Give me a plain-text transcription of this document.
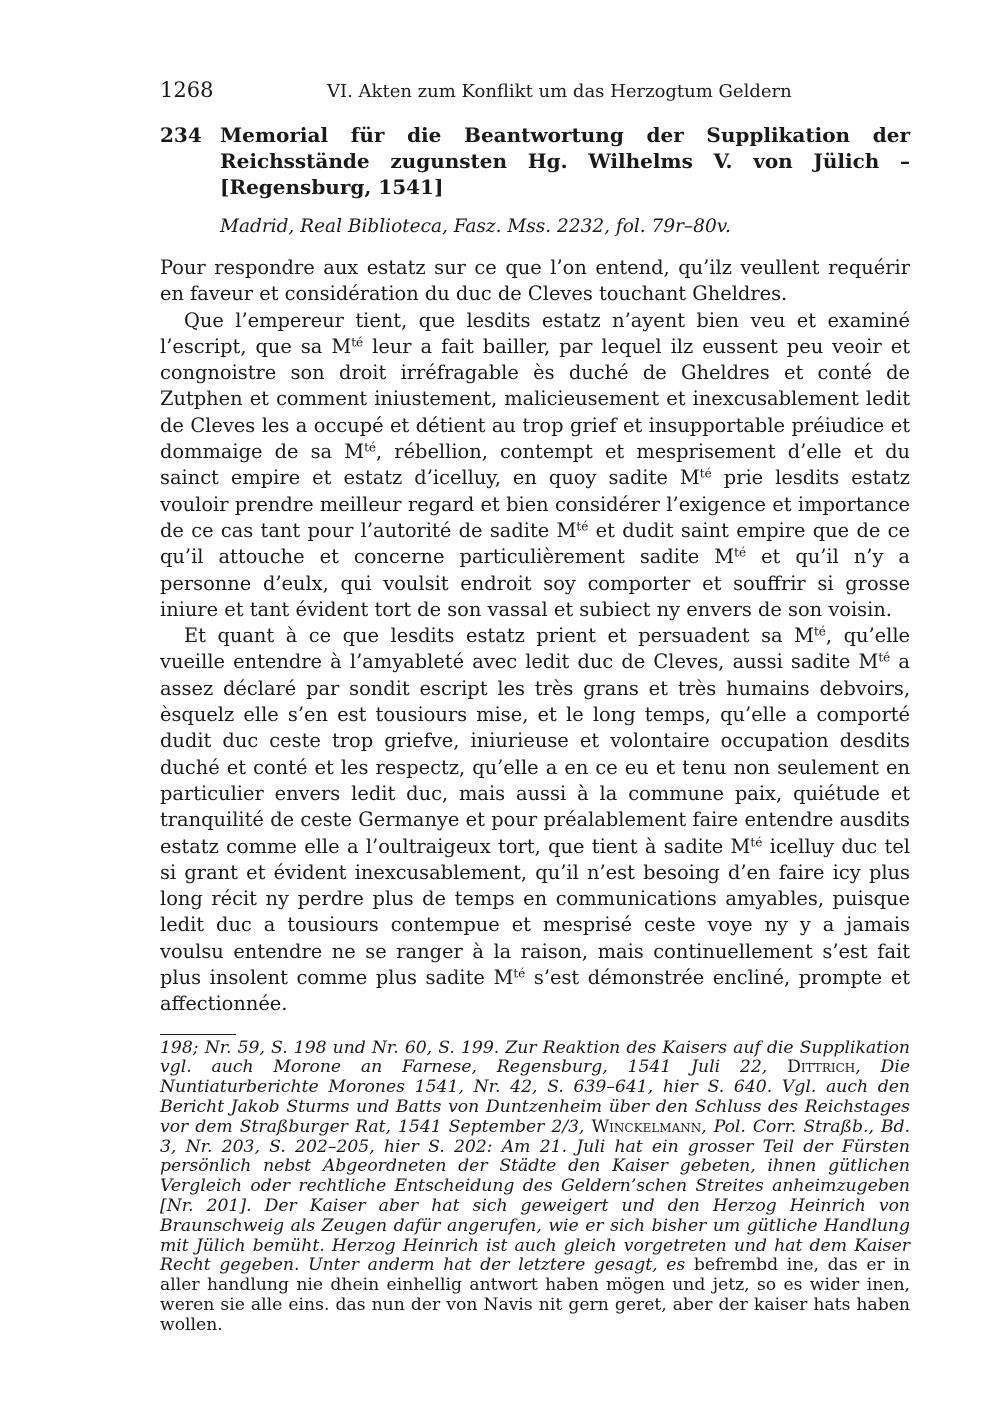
1268	VI. Akten zum Konflikt um das Herzogtum Geldern
234 Memorial für die Beantwortung der Supplikation der Reichsstände zugunsten Hg. Wilhelms V. von Jülich – [Regensburg, 1541]
Madrid, Real Biblioteca, Fasz. Mss. 2232, fol. 79r–80v.

Pour respondre aux estatz sur ce que l’on entend, qu’ilz veullent requérir en faveur et considération du duc de Cleves touchant Gheldres.

Que l’empereur tient, que lesdits estatz n’ayent bien veu et examiné l’escript, que sa $M^{té}$ leur a fait bailler, par lequel ilz eussent peu veoir et congnoistre son droit irréfragable ès duché de Gheldres et conté de Zutphen et comment iniustement, malicieusement et inexcusablement ledit de Cleves les a occupé et détient au trop grief et insupportable préiudice et dommaige de sa $M^{té}$, rébellion, contempt et mesprisement d’elle et du sainct empire et estatz d’icelluy, en quoy sadite $M^{té}$ prie lesdits estatz vouloir prendre meilleur regard et bien considérer l’exigence et importance de ce cas tant pour l’autorité de sadite $M^{té}$ et dudit saint empire que de ce qu’il attouche et concerne particulièrement sadite $M^{té}$ et qu’il n’y a personne d’eulx, qui voulsit endroit soy comporter et souffrir si grosse iniure et tant évident tort de son vassal et subiect ny envers de son voisin.

Et quant à ce que lesdits estatz prient et persuadent sa $M^{té}$, qu’elle vueille entendre à l’amyableté avec ledit duc de Cleves, aussi sadite $M^{té}$ a assez déclaré par sondit escript les très grans et très humains debvoirs, èsquelz elle s’en est tousiours mise, et le long temps, qu’elle a comporté dudit duc ceste trop griefve, iniurieuse et volontaire occupation desdits duché et conté et les respectz, qu’elle a en ce eu et tenu non seulement en particulier envers ledit duc, mais aussi à la commune paix, quiétude et tranquilité de ceste Germanye et pour préalablement faire entendre ausdits estatz comme elle a l’oultraigeux tort, que tient à sadite $M^{té}$ icelluy duc tel si grant et évident inexcusablement, qu’il n’est besoing d’en faire icy plus long récit ny perdre plus de temps en communications amyables, puisque ledit duc a tousiours contempue et mesprisé ceste voye ny y a jamais voulsu entendre ne se ranger à la raison, mais continuellement s’est fait plus insolent comme plus sadite $M^{té}$ s’est démonstrée encliné, prompte et affectionnée.

198; Nr. 59, S. 198 und Nr. 60, S. 199. Zur Reaktion des Kaisers auf die Supplikation vgl. auch Morone an Farnese, Regensburg, 1541 Juli 22, Dittrich, Die Nuntiaturberichte Morones 1541, Nr. 42, S. 639–641, hier S. 640. Vgl. auch den Bericht Jakob Sturms und Batts von Duntzenheim über den Schluss des Reichstages vor dem Straßburger Rat, 1541 September 2/3, Winckelmann, Pol. Corr. Straßb., Bd. 3, Nr. 203, S. 202–205, hier S. 202: Am 21. Juli hat ein grosser Teil der Fürsten persönlich nebst Abgeordneten der Städte den Kaiser gebeten, ihnen gütlichen Vergleich oder rechtliche Entscheidung des Geldern’schen Streites anheimzugeben [Nr. 201]. Der Kaiser aber hat sich geweigert und den Herzog Heinrich von Braunschweig als Zeugen dafür angerufen, wie er sich bisher um gütliche Handlung mit Jülich bemüht. Herzog Heinrich ist auch gleich vorgetreten und hat dem Kaiser Recht gegeben. Unter anderm hat der letztere gesagt, es befrembd ine, das er in aller handlung nie dhein einhellig antwort haben mögen und jetz, so es wider inen, weren sie alle eins. das nun der von Navis nit gern geret, aber der kaiser hats haben wollen.
